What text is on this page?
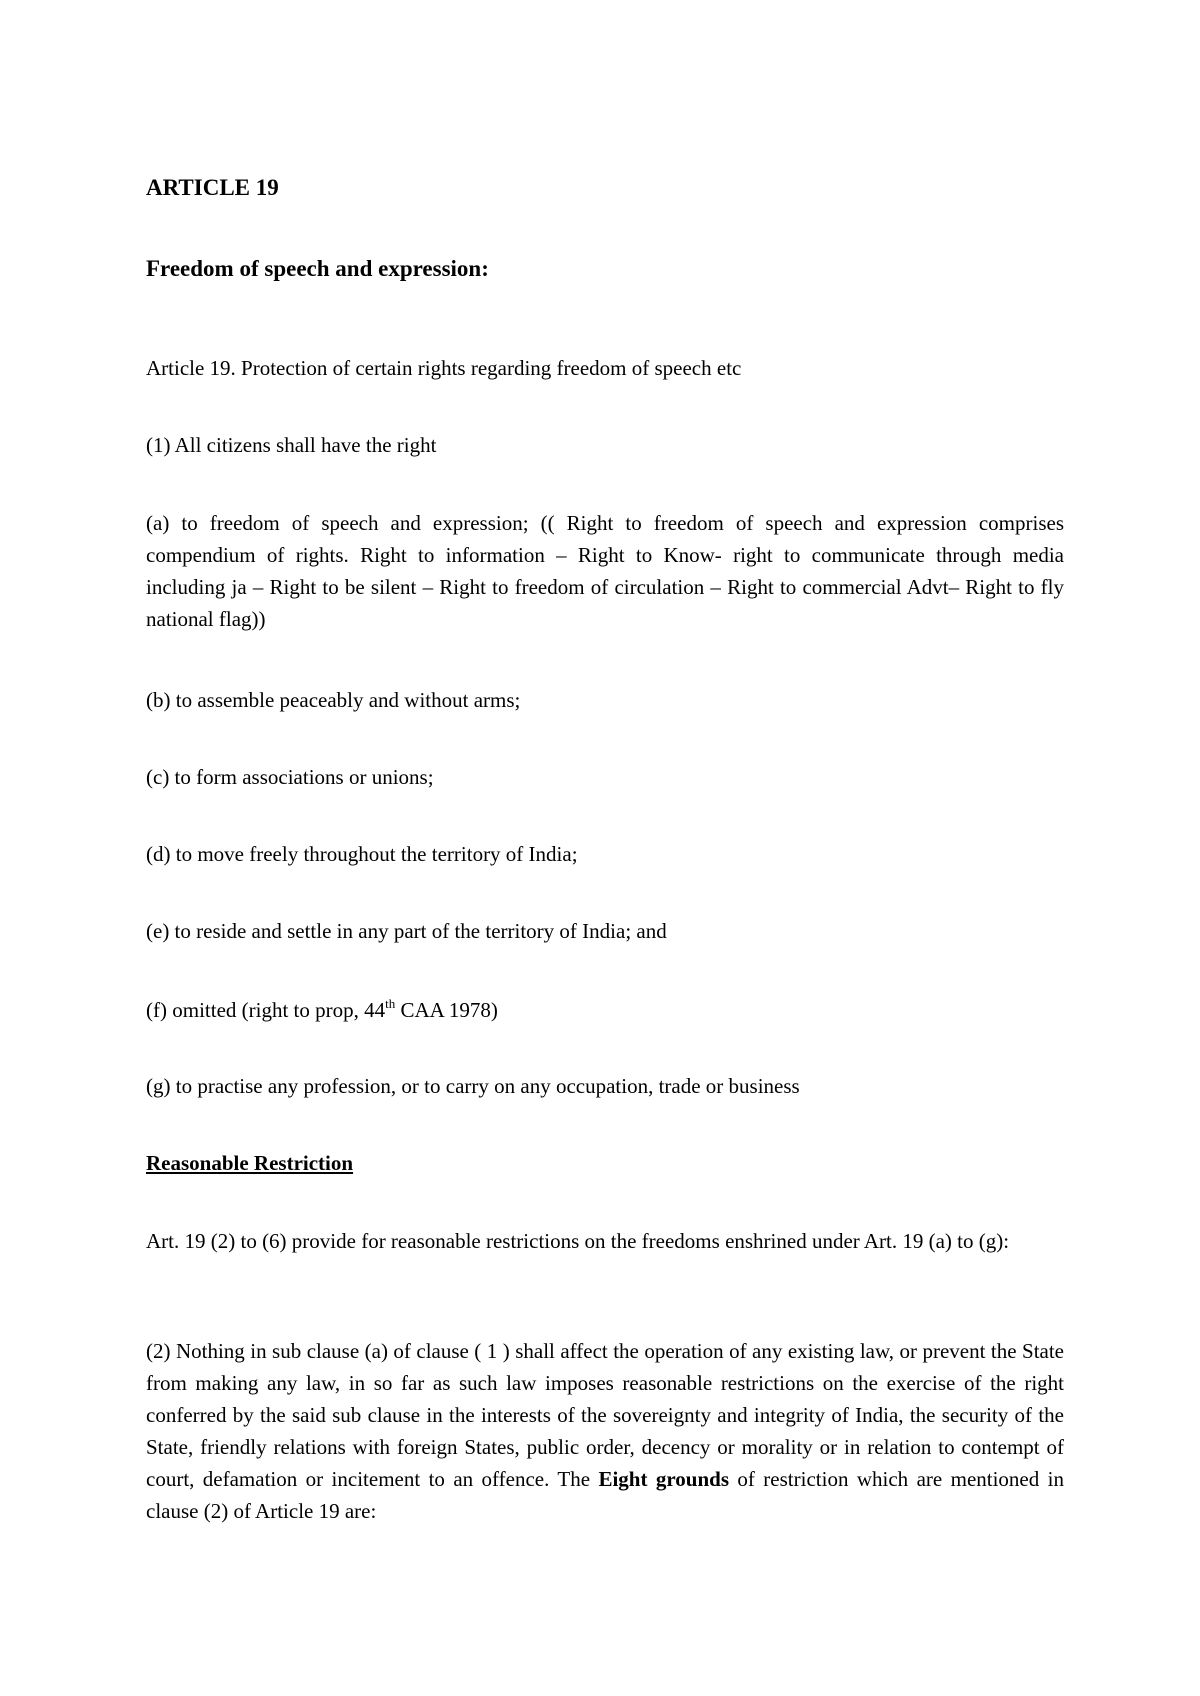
ARTICLE 19

Freedom of speech and expression:

Article 19. Protection of certain rights regarding freedom of speech etc

(1) All citizens shall have the right

(a) to freedom of speech and expression; (( Right to freedom of speech and expression comprises compendium of rights. Right to information – Right to Know- right to communicate through media including ja – Right to be silent – Right to freedom of circulation – Right to commercial Advt– Right to fly national flag))

(b) to assemble peaceably and without arms;

(c) to form associations or unions;

(d) to move freely throughout the territory of India;

(e) to reside and settle in any part of the territory of India; and

(f) omitted (right to prop, 44th CAA 1978)

(g) to practise any profession, or to carry on any occupation, trade or business

Reasonable Restriction

Art. 19 (2) to (6) provide for reasonable restrictions on the freedoms enshrined under Art. 19 (a) to (g):

(2) Nothing in sub clause (a) of clause ( 1 ) shall affect the operation of any existing law, or prevent the State from making any law, in so far as such law imposes reasonable restrictions on the exercise of the right conferred by the said sub clause in the interests of the sovereignty and integrity of India, the security of the State, friendly relations with foreign States, public order, decency or morality or in relation to contempt of court, defamation or incitement to an offence. The Eight grounds of restriction which are mentioned in clause (2) of Article 19 are:
